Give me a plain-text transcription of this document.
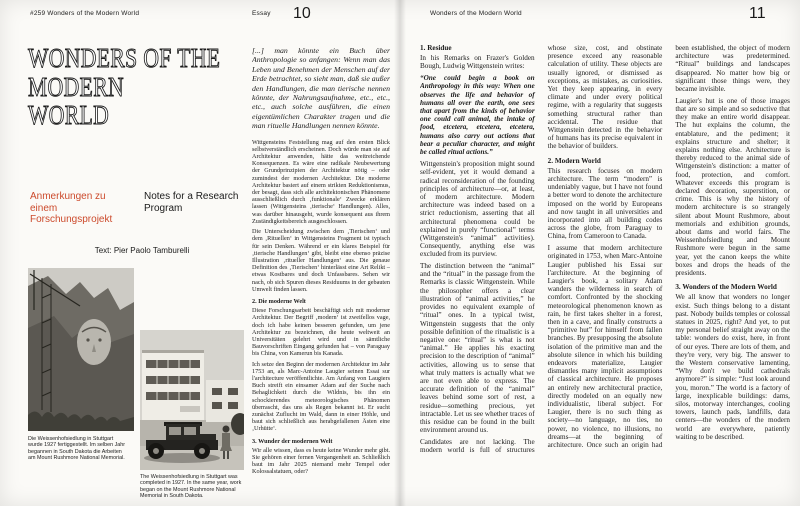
#259 Wonders of the Modern World	Essay 10
WONDERS OF THE
MODERN
WORLD
Anmerkungen zu einem Forschungsprojekt
Notes for a Research Program
Text: Pier Paolo Tamburelli
Die Weissenhofsiedlung in Stuttgart wurde 1927 fertiggestellt. Im selben Jahr begannen in South Dakota die Arbeiten am Mount Rushmore National Memorial.
The Weissenhofsiedlung in Stuttgart was completed in 1927. In the same year, work began on the Mount Rushmore National Memorial in South Dakota.
[...] man könnte ein Buch über Anthropologie so anfangen: Wenn man das Leben und Benehmen der Menschen auf der Erde betrachtet, so sieht man, daß sie außer den Handlungen, die man tierische nennen könnte, der Nahrungsaufnahme, etc., etc., etc., auch solche ausführen, die einen eigentümlichen Charakter tragen und die man rituelle Handlungen nennen könnte.

Wittgensteins Feststellung mag auf den ersten Blick selbstverständlich erscheinen. Doch würde man sie auf Architektur anwenden, hätte das weitreichende Konsequenzen. Es wäre eine radikale Neubewertung der Grundprinzipien der Architektur nötig – oder zumindest der modernen Architektur. Die moderne Architektur basiert auf einem strikten Reduktionismus, der besagt, dass sich alle architektonischen Phänomene ausschließlich durch ‚funktionale‘ Zwecke erklären lassen (Wittgensteins ‚tierische‘ Handlungen). Alles, was darüber hinausgeht, wurde konsequent aus ihrem Zuständigkeitsbereich ausgeschlossen.

Die Unterscheidung zwischen dem ‚Tierischen‘ und dem ‚Rituellen‘ in Wittgensteins Fragment ist typisch für sein Denken. Während er ein klares Beispiel für ‚tierische Handlungen‘ gibt, bleibt eine ebenso präzise Illustration ‚ritueller Handlungen‘ aus. Die genaue Definition des ‚Tierischen‘ hinterlässt eine Art Relikt – etwas Kostbares und doch Unfassbares. Sehen wir nach, ob sich Spuren dieses Residuums in der gebauten Umwelt finden lassen.

2. Die moderne Welt

Diese Forschungsarbeit beschäftigt sich mit moderner Architektur. Der Begriff ‚modern‘ ist zweifellos vage, doch ich habe keinen besseren gefunden, um jene Architektur zu bezeichnen, die heute weltweit an Universitäten gelehrt wird und in sämtliche Bauvorschriften Eingang gefunden hat – von Paraguay bis China, von Kamerun bis Kanada.

Ich setze den Beginn der modernen Architektur im Jahr 1753 an, als Marc-Antoine Laugier seinen Essai sur l'architecture veröffentlichte. Am Anfang von Laugiers Buch streift ein einsamer Adam auf der Suche nach Behaglichkeit durch die Wildnis, bis ihn ein schockierendes meteorologisches Phänomen überrascht, das uns als Regen bekannt ist. Er sucht zunächst Zuflucht im Wald, dann in einer Höhle, und baut sich schließlich aus herabgefallenen Ästen eine ‚Urhütte‘.

3. Wunder der modernen Welt

Wir alle wissen, dass es heute keine Wunder mehr gibt. Sie gehören einer fernen Vergangenheit an. Schließlich baut im Jahr 2025 niemand mehr Tempel oder Kolossalstatuen, oder?

Wonders of the Modern World	11
1. Residue

In his Remarks on Frazer's Golden Bough, Ludwig Wittgenstein writes:

“One could begin a book on Anthropology in this way: When one observes the life and behavior of humans all over the earth, one sees that apart from the kinds of behavior one could call animal, the intake of food, etcetera, etcetera, etcetera, humans also carry out actions that bear a peculiar character, and might be called ritual actions.”

Wittgenstein's proposition might sound self-evident, yet it would demand a radical reconsideration of the founding principles of architecture—or, at least, of modern architecture. Modern architecture was indeed based on a strict reductionism, asserting that all architectural phenomena could be explained in purely “functional” terms (Wittgenstein's “animal” activities). Consequently, anything else was excluded from its purview.

The distinction between the “animal” and the “ritual” in the passage from the Remarks is classic Wittgenstein. While the philosopher offers a clear illustration of “animal activities,” he provides no equivalent example of “ritual” ones. In a typical twist, Wittgenstein suggests that the only possible definition of the ritualistic is a negative one: “ritual” is what is not “animal.” He applies his exacting precision to the description of “animal” activities, allowing us to sense that what truly matters is actually what we are not even able to express. The accurate definition of the “animal” leaves behind some sort of rest, a residue—something precious, yet intractable. Let us see whether traces of this residue can be found in the built environment around us.

Candidates are not lacking. The modern world is full of structures whose size, cost, and obstinate presence exceed any reasonable calculation of utility. These objects are usually ignored, or dismissed as exceptions, as mistakes, as curiosities. Yet they keep appearing, in every climate and under every political regime, with a regularity that suggests something structural rather than accidental. The residue that Wittgenstein detected in the behavior of humans has its precise equivalent in the behavior of builders.

2. Modern World

This research focuses on modern architecture. The term “modern” is undeniably vague, but I have not found a better word to denote the architecture imposed on the world by Europeans and now taught in all universities and incorporated into all building codes across the globe, from Paraguay to China, from Cameroon to Canada.

I assume that modern architecture originated in 1753, when Marc-Antoine Laugier published his Essai sur l'architecture. At the beginning of Laugier's book, a solitary Adam wanders the wilderness in search of comfort. Confronted by the shocking meteorological phenomenon known as rain, he first takes shelter in a forest, then in a cave, and finally constructs a “primitive hut” for himself from fallen branches. By presupposing the absolute isolation of the primitive man and the absolute silence in which his building endeavors materialize, Laugier dismantles many implicit assumptions of classical architecture. He proposes an entirely new architectural practice, directly modeled on an equally new individualistic, liberal subject. For Laugier, there is no such thing as society—no language, no ties, no power, no violence, no illusions, no dreams—at the beginning of architecture. Once such an origin had been established, the object of modern architecture was predetermined. “Ritual” buildings and landscapes disappeared. No matter how big or significant those things were, they became invisible.

Laugier's hut is one of those images that are so simple and so seductive that they make an entire world disappear. The hut explains the column, the entablature, and the pediment; it explains structure and shelter; it explains nothing else. Architecture is thereby reduced to the animal side of Wittgenstein's distinction: a matter of food, protection, and comfort. Whatever exceeds this program is declared decoration, superstition, or crime. This is why the history of modern architecture is so strangely silent about Mount Rushmore, about memorials and exhibition grounds, about dams and world fairs. The Weissenhofsiedlung and Mount Rushmore were begun in the same year, yet the canon keeps the white boxes and drops the heads of the presidents.

3. Wonders of the Modern World

We all know that wonders no longer exist. Such things belong to a distant past. Nobody builds temples or colossal statues in 2025, right? And yet, to put my personal belief straight away on the table: wonders do exist, here, in front of our eyes. There are lots of them, and they're very, very big. The answer to the Western conservative lamenting, “Why don't we build cathedrals anymore?” is simple: “Just look around you, moron.” The world is a factory of large, inexplicable buildings: dams, silos, motorway interchanges, cooling towers, launch pads, landfills, data centers—the wonders of the modern world are everywhere, patiently waiting to be described.
